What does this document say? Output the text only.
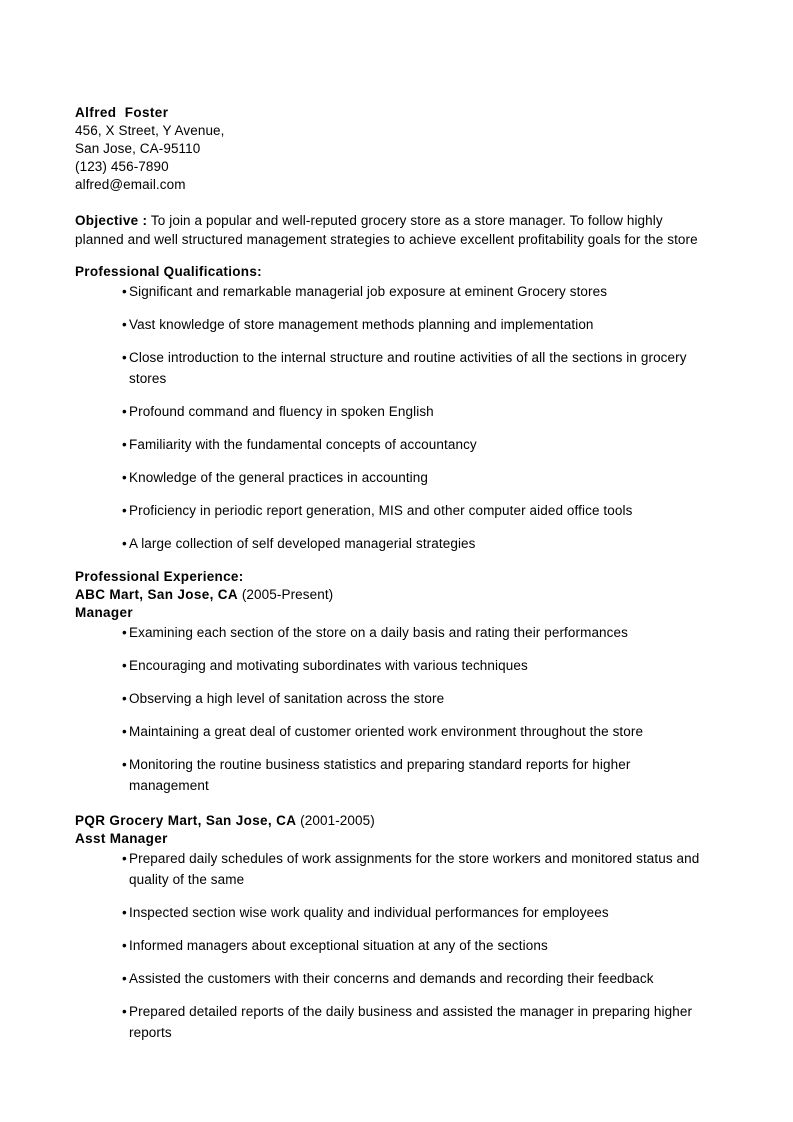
Alfred  Foster
456, X Street, Y Avenue,
San Jose, CA-95110
(123) 456-7890
alfred@email.com
Objective : To join a popular and well-reputed grocery store as a store manager. To follow highly planned and well structured management strategies to achieve excellent profitability goals for the store
Professional Qualifications:
• Significant and remarkable managerial job exposure at eminent Grocery stores
• Vast knowledge of store management methods planning and implementation
• Close introduction to the internal structure and routine activities of all the sections in grocery stores
• Profound command and fluency in spoken English
• Familiarity with the fundamental concepts of accountancy
• Knowledge of the general practices in accounting
• Proficiency in periodic report generation, MIS and other computer aided office tools
• A large collection of self developed managerial strategies
Professional Experience:
ABC Mart, San Jose, CA (2005-Present)
Manager
• Examining each section of the store on a daily basis and rating their performances
• Encouraging and motivating subordinates with various techniques
• Observing a high level of sanitation across the store
• Maintaining a great deal of customer oriented work environment throughout the store
• Monitoring the routine business statistics and preparing standard reports for higher management
PQR Grocery Mart, San Jose, CA (2001-2005)
Asst Manager
• Prepared daily schedules of work assignments for the store workers and monitored status and quality of the same
• Inspected section wise work quality and individual performances for employees
• Informed managers about exceptional situation at any of the sections
• Assisted the customers with their concerns and demands and recording their feedback
• Prepared detailed reports of the daily business and assisted the manager in preparing higher reports
